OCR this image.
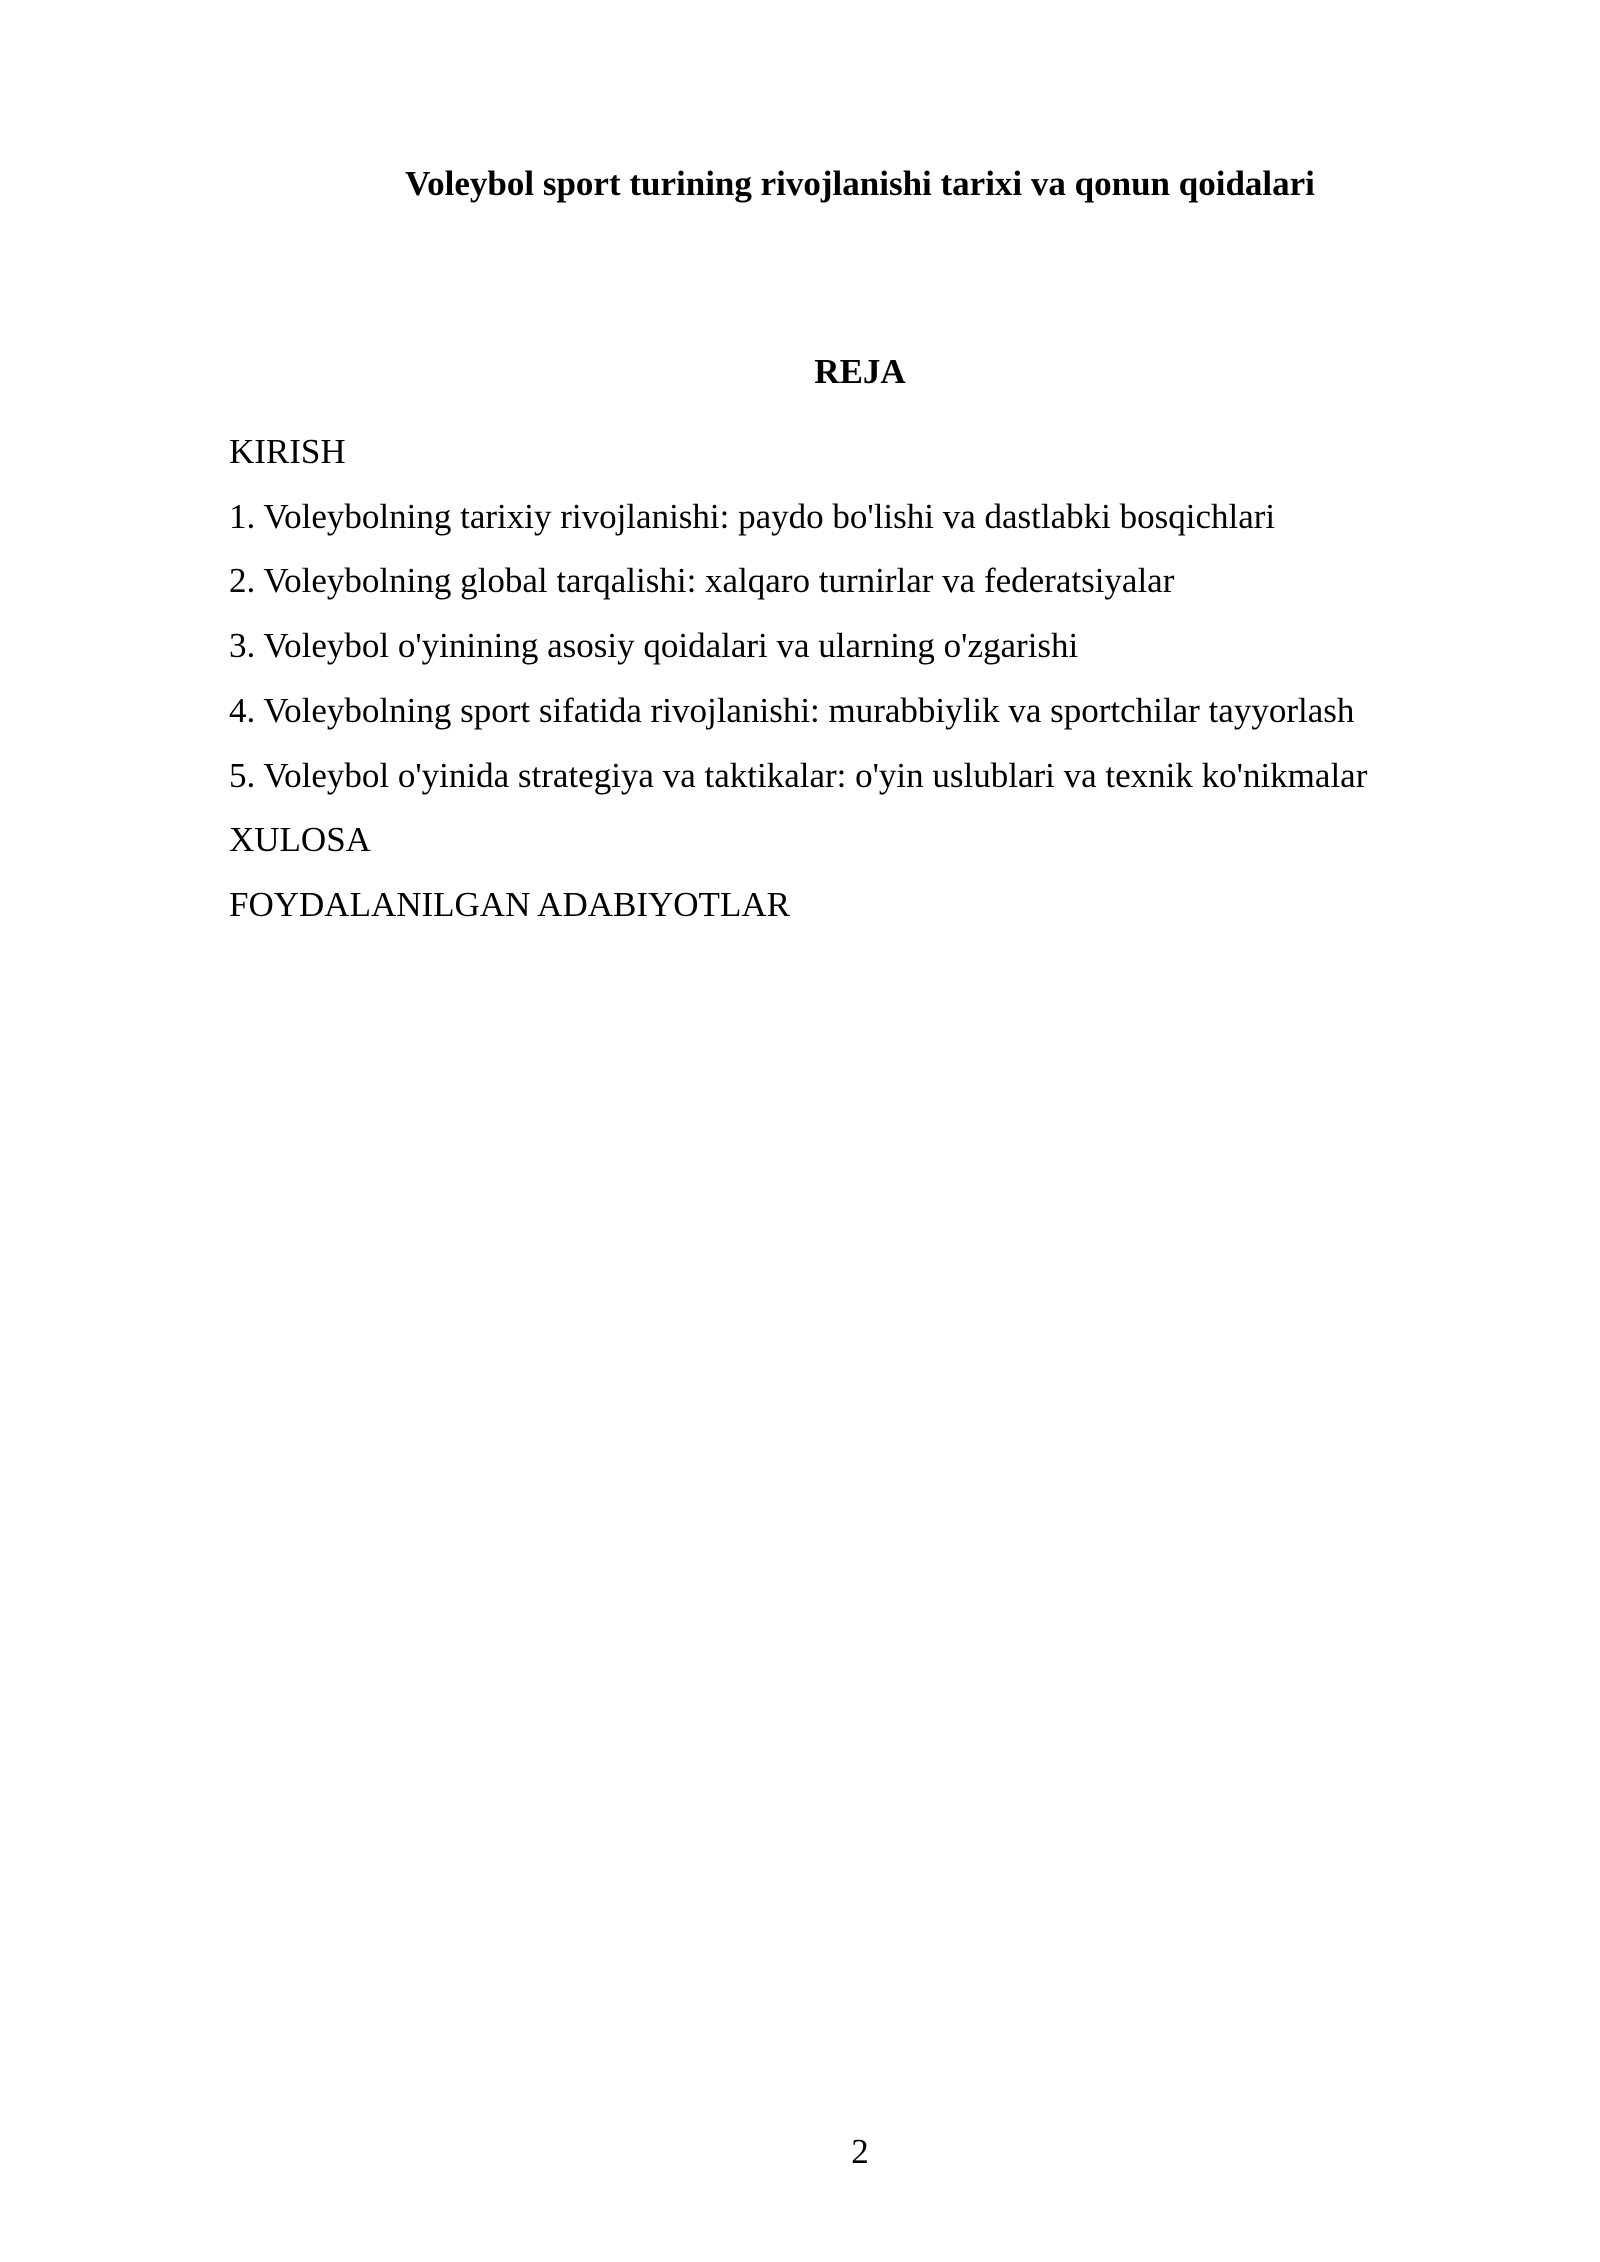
Voleybol sport turining rivojlanishi tarixi va qonun qoidalari
REJA
KIRISH
1. Voleybolning tarixiy rivojlanishi: paydo bo'lishi va dastlabki bosqichlari
2. Voleybolning global tarqalishi: xalqaro turnirlar va federatsiyalar
3. Voleybol o'yinining asosiy qoidalari va ularning o'zgarishi
4. Voleybolning sport sifatida rivojlanishi: murabbiylik va sportchilar tayyorlash
5. Voleybol o'yinida strategiya va taktikalar: o'yin uslublari va texnik ko'nikmalar
XULOSA
FOYDALANILGAN ADABIYOTLAR
2
